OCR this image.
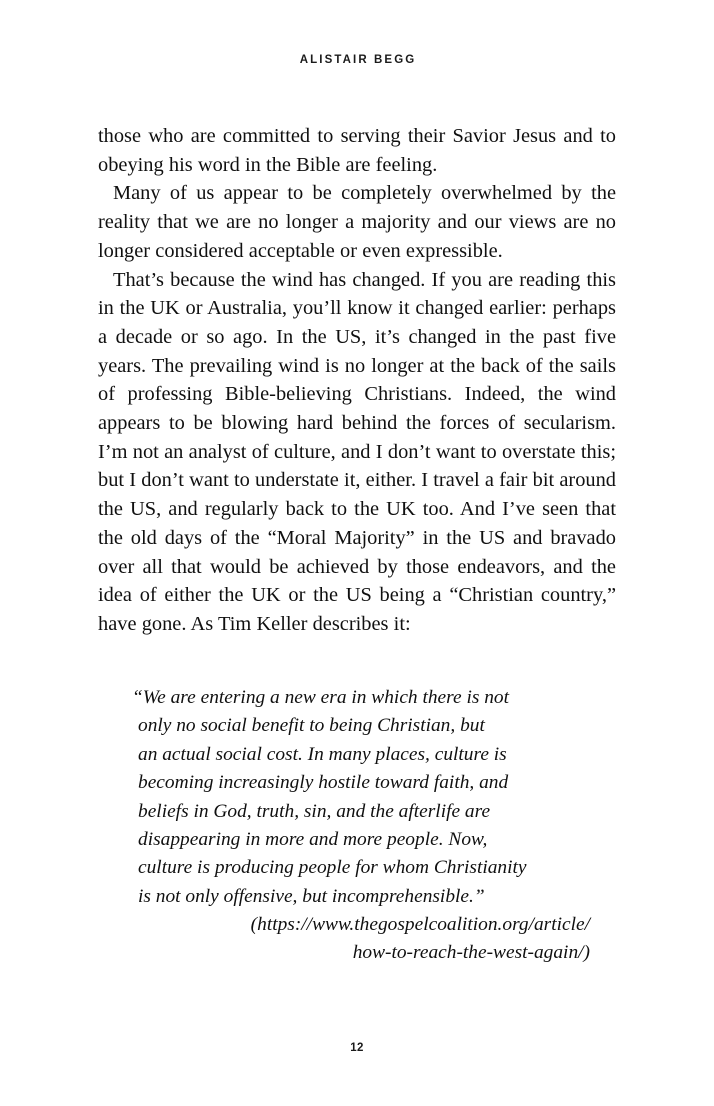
ALISTAIR BEGG

those who are committed to serving their Savior Jesus and to obeying his word in the Bible are feeling.

Many of us appear to be completely overwhelmed by the reality that we are no longer a majority and our views are no longer considered acceptable or even expressible.

That’s because the wind has changed. If you are reading this in the UK or Australia, you’ll know it changed earlier: perhaps a decade or so ago. In the US, it’s changed in the past five years. The prevailing wind is no longer at the back of the sails of professing Bible-believing Christians. Indeed, the wind appears to be blowing hard behind the forces of secularism. I’m not an analyst of culture, and I don’t want to overstate this; but I don’t want to understate it, either. I travel a fair bit around the US, and regularly back to the UK too. And I’ve seen that the old days of the “Moral Majority” in the US and bravado over all that would be achieved by those endeavors, and the idea of either the UK or the US being a “Christian country,” have gone. As Tim Keller describes it:

“We are entering a new era in which there is not
only no social benefit to being Christian, but
an actual social cost. In many places, culture is
becoming increasingly hostile toward faith, and
beliefs in God, truth, sin, and the afterlife are
disappearing in more and more people. Now,
culture is producing people for whom Christianity
is not only offensive, but incomprehensible.”
(https://www.thegospelcoalition.org/article/
how-to-reach-the-west-again/)
12
